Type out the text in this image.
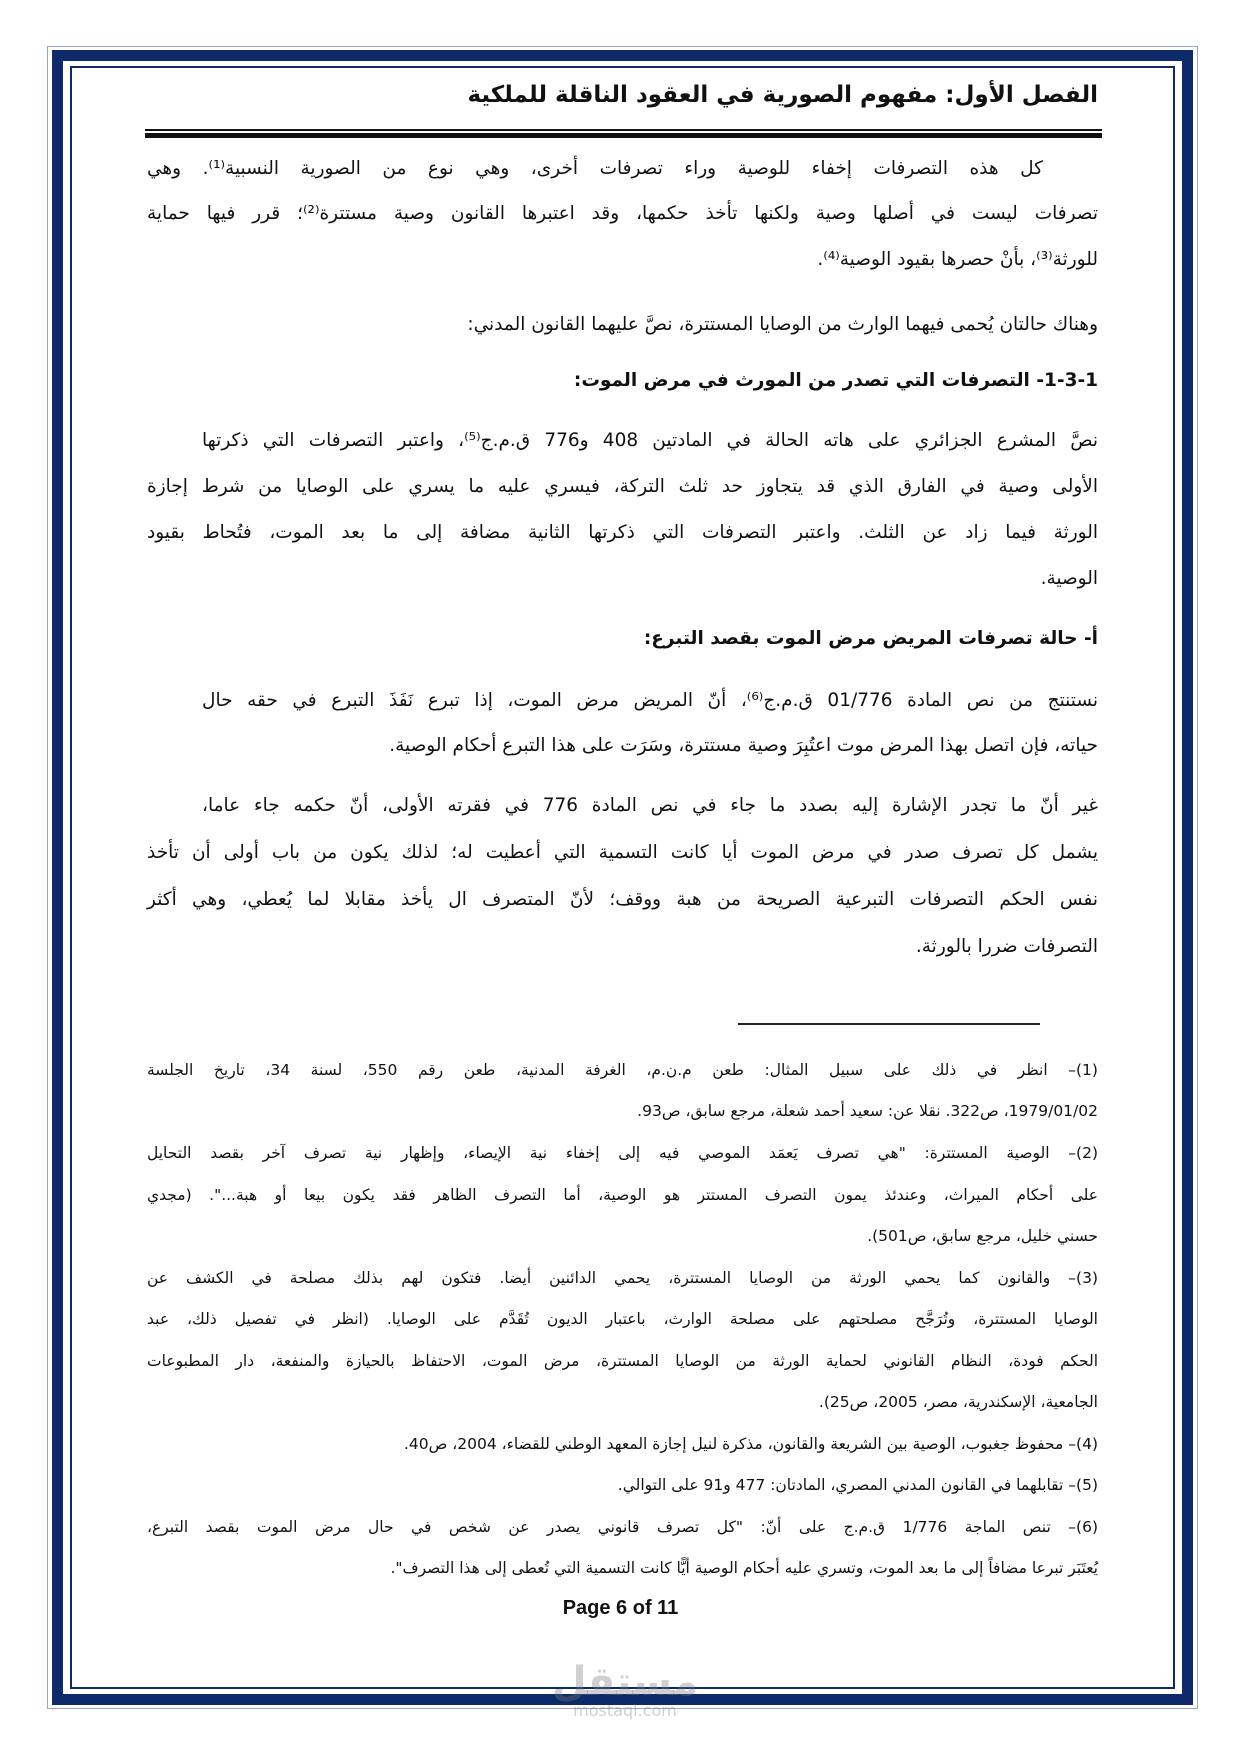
الفصل الأول: مفهوم الصورية في العقود الناقلة للملكية
كل هذه التصرفات إخفاء للوصية وراء تصرفات أخرى، وهي نوع من الصورية النسبية⁽¹⁾. وهي
تصرفات ليست في أصلها وصية ولكنها تأخذ حكمها، وقد اعتبرها القانون وصية مستترة⁽²⁾؛ قرر فيها حماية
للورثة⁽³⁾، بأنْ حصرها بقيود الوصية⁽⁴⁾.
وهناك حالتان يُحمى فيهما الوارث من الوصايا المستترة، نصَّ عليهما القانون المدني:
1-3-1- التصرفات التي تصدر من المورث في مرض الموت:
نصَّ المشرع الجزائري على هاته الحالة في المادتين 408 و776 ق.م.ج⁽⁵⁾، واعتبر التصرفات التي ذكرتها
الأولى وصية في الفارق الذي قد يتجاوز حد ثلث التركة، فيسري عليه ما يسري على الوصايا من شرط إجازة
الورثة فيما زاد عن الثلث. واعتبر التصرفات التي ذكرتها الثانية مضافة إلى ما بعد الموت، فتُحاط بقيود
الوصية.
أ- حالة تصرفات المريض مرض الموت بقصد التبرع:
نستنتج من نص المادة 01/776 ق.م.ج⁽⁶⁾، أنّ المريض مرض الموت، إذا تبرع نَفَذَ التبرع في حقه حال
حياته، فإن اتصل بهذا المرض موت اعتُبِرَ وصية مستترة، وسَرَت على هذا التبرع أحكام الوصية.
غير أنّ ما تجدر الإشارة إليه بصدد ما جاء في نص المادة 776 في فقرته الأولى، أنّ حكمه جاء عاما،
يشمل كل تصرف صدر في مرض الموت أيا كانت التسمية التي أعطيت له؛ لذلك يكون من باب أولى أن تأخذ
نفس الحكم التصرفات التبرعية الصريحة من هبة ووقف؛ لأنّ المتصرف ال يأخذ مقابلا لما يُعطي، وهي أكثر
التصرفات ضررا بالورثة.
(1)– انظر في ذلك على سبيل المثال: طعن م.ن.م، الغرفة المدنية، طعن رقم 550، لسنة 34، تاريخ الجلسة
1979/01/02، ص322. نقلا عن: سعيد أحمد شعلة، مرجع سابق، ص93.
(2)– الوصية المستترة: "هي تصرف يَعمَد الموصي فيه إلى إخفاء نية الإيصاء، وإظهار نية تصرف آخر بقصد التحايل
على أحكام الميراث، وعندئذ يمون التصرف المستتر هو الوصية، أما التصرف الظاهر فقد يكون بيعا أو هبة...". (مجدي
حسني خليل، مرجع سابق، ص501).
(3)– والقانون كما يحمي الورثة من الوصايا المستترة، يحمي الدائنين أيضا. فتكون لهم بذلك مصلحة في الكشف عن
الوصايا المستترة، وتُرَجَّح مصلحتهم على مصلحة الوارث، باعتبار الديون تُقَدَّم على الوصايا. (انظر في تفصيل ذلك، عبد
الحكم فودة، النظام القانوني لحماية الورثة من الوصايا المستترة، مرض الموت، الاحتفاظ بالحيازة والمنفعة، دار المطبوعات
الجامعية، الإسكندرية، مصر، 2005، ص25).
(4)– محفوظ جغبوب، الوصية بين الشريعة والقانون، مذكرة لنيل إجازة المعهد الوطني للقضاء، 2004، ص40.
(5)– تقابلهما في القانون المدني المصري، المادتان: 477 و91 على التوالي.
(6)– تنص الماجة 1/776 ق.م.ج على أنّ: "كل تصرف قانوني يصدر عن شخص في حال مرض الموت بقصد التبرع،
يُعتَبَر تبرعا مضافاً إلى ما بعد الموت، وتسري عليه أحكام الوصية أيًّا كانت التسمية التي تُعطى إلى هذا التصرف".
Page 6 of 11
مستقل
mostaql.com
